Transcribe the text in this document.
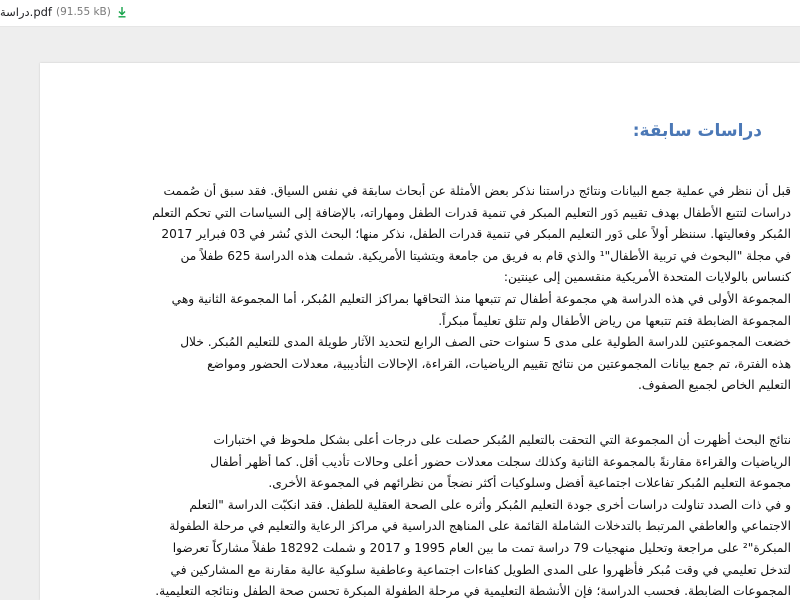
دراسة.pdf (91.55 kB)
دراسات سابقة:
قبل أن ننظر في عملية جمع البيانات ونتائج دراستنا نذكر بعض الأمثلة عن أبحاث سابقة في نفس السياق. فقد سبق أن صُممت
دراسات لتتبع الأطفال بهدف تقييم دَور التعليم المبكر في تنمية قدرات الطفل ومهاراته، بالإضافة إلى السياسات التي تحكم التعلم
المُبكر وفعاليتها. سننظر أولاً على دَور التعليم المبكر في تنمية قدرات الطفل، نذكر منها؛ البحث الذي نُشر في 03 فبراير 2017
في مجلة "البحوث في تربية الأطفال"¹ والذي قام به فريق من جامعة ويتشيتا الأمريكية. شملت هذه الدراسة 625 طفلاً من
كنساس بالولايات المتحدة الأمريكية منقسمين إلى عينتين:
المجموعة الأولى في هذه الدراسة هي مجموعة أطفال تم تتبعها منذ التحاقها بمراكز التعليم المُبكر، أما المجموعة الثانية وهي
المجموعة الضابطة فتم تتبعها من رياض الأطفال ولم تتلق تعليماً مبكراً.
خضعت المجموعتين للدراسة الطولية على مدى 5 سنوات حتى الصف الرابع لتحديد الآثار طويلة المدى للتعليم المُبكر. خلال
هذه الفترة، تم جمع بيانات المجموعتين من نتائج تقييم الرياضيات، القراءة، الإحالات التأديبية، معدلات الحضور ومواضع
التعليم الخاص لجميع الصفوف.
نتائج البحث أظهرت أن المجموعة التي التحقت بالتعليم المُبكر حصلت على درجات أعلى بشكل ملحوظ في اختبارات
الرياضيات والقراءة مقارنةً بالمجموعة الثانية وكذلك سجلت معدلات حضور أعلى وحالات تأديب أقل. كما أظهر أطفال
مجموعة التعليم المُبكر تفاعلات اجتماعية أفضل وسلوكيات أكثر نضجاً من نظرائهم في المجموعة الأخرى.
و في ذات الصدد تناولت دراسات أخرى جودة التعليم المُبكر وأثره على الصحة العقلية للطفل. فقد انكبّت الدراسة "التعلم
الاجتماعي والعاطفي المرتبط بالتدخلات الشاملة القائمة على المناهج الدراسية في مراكز الرعاية والتعليم في مرحلة الطفولة
المبكرة"² على مراجعة وتحليل منهجيات 79 دراسة تمت ما بين العام 1995 و 2017 و شملت 18292 طفلاً مشاركاً تعرضوا
لتدخل تعليمي في وقت مُبكر فأظهروا على المدى الطويل كفاءات اجتماعية وعاطفية سلوكية عالية مقارنة مع المشاركين في
المجموعات الضابطة. فحسب الدراسة؛ فإن الأنشطة التعليمية في مرحلة الطفولة المبكرة تحسن صحة الطفل ونتائجه التعليمية.
